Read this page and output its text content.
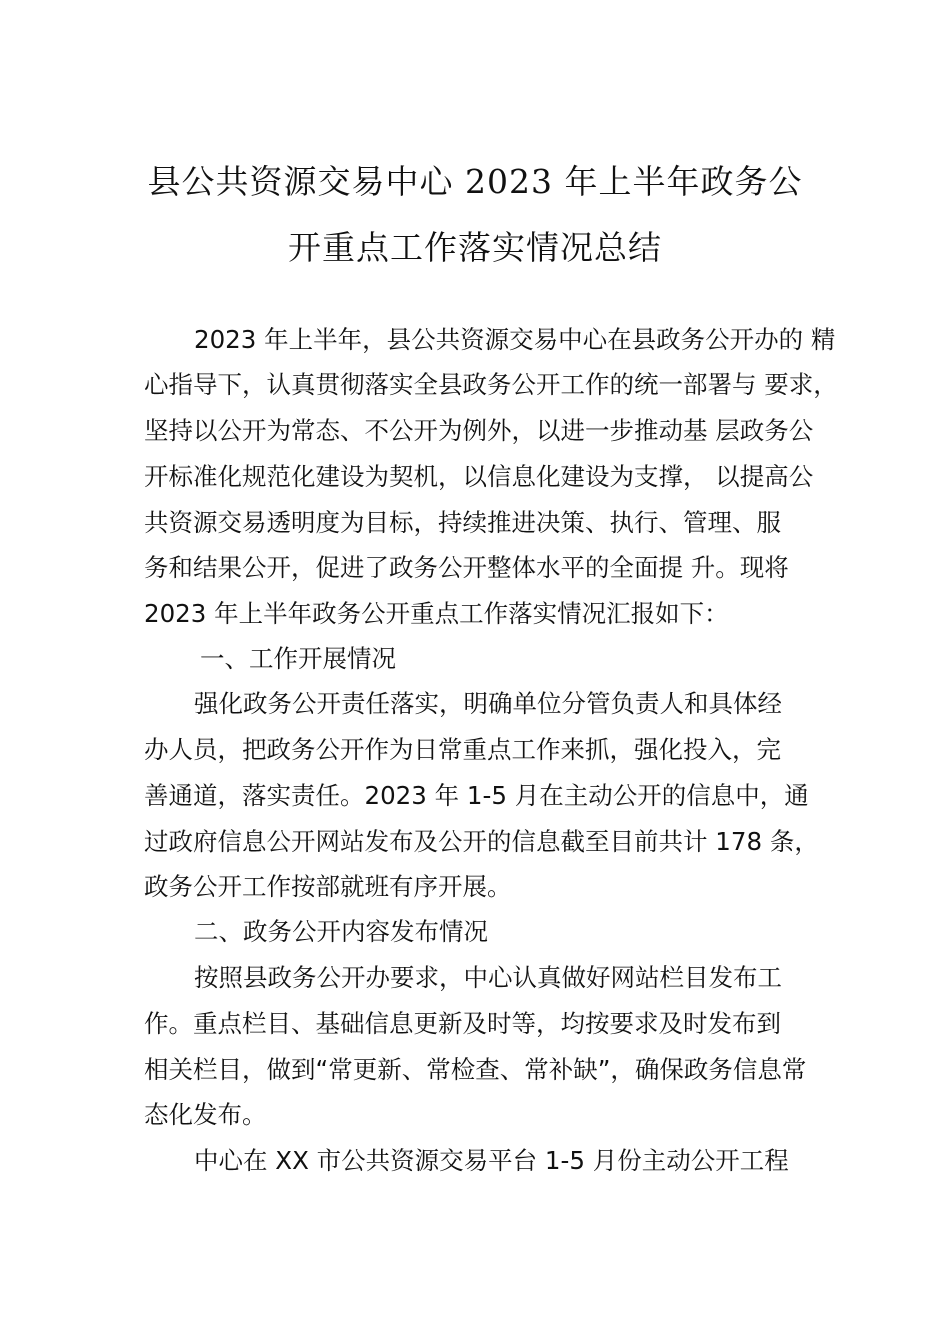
县公共资源交易中心 2023 年上半年政务公
开重点工作落实情况总结
2023 年上半年，县公共资源交易中心在县政务公开办的 精
心指导下，认真贯彻落实全县政务公开工作的统一部署与 要求，
坚持以公开为常态、不公开为例外，以进一步推动基 层政务公
开标准化规范化建设为契机，以信息化建设为支撑， 以提高公
共资源交易透明度为目标，持续推进决策、执行、管理、服
务和结果公开，促进了政务公开整体水平的全面提 升。现将
2023 年上半年政务公开重点工作落实情况汇报如下：
一、工作开展情况
强化政务公开责任落实，明确单位分管负责人和具体经
办人员，把政务公开作为日常重点工作来抓，强化投入，完
善通道，落实责任。2023 年 1-5 月在主动公开的信息中，通
过政府信息公开网站发布及公开的信息截至目前共计 178 条，
政务公开工作按部就班有序开展。
二、政务公开内容发布情况
按照县政务公开办要求，中心认真做好网站栏目发布工
作。重点栏目、基础信息更新及时等，均按要求及时发布到
相关栏目，做到“常更新、常检查、常补缺”，确保政务信息常
态化发布。
中心在 XX 市公共资源交易平台 1-5 月份主动公开工程
